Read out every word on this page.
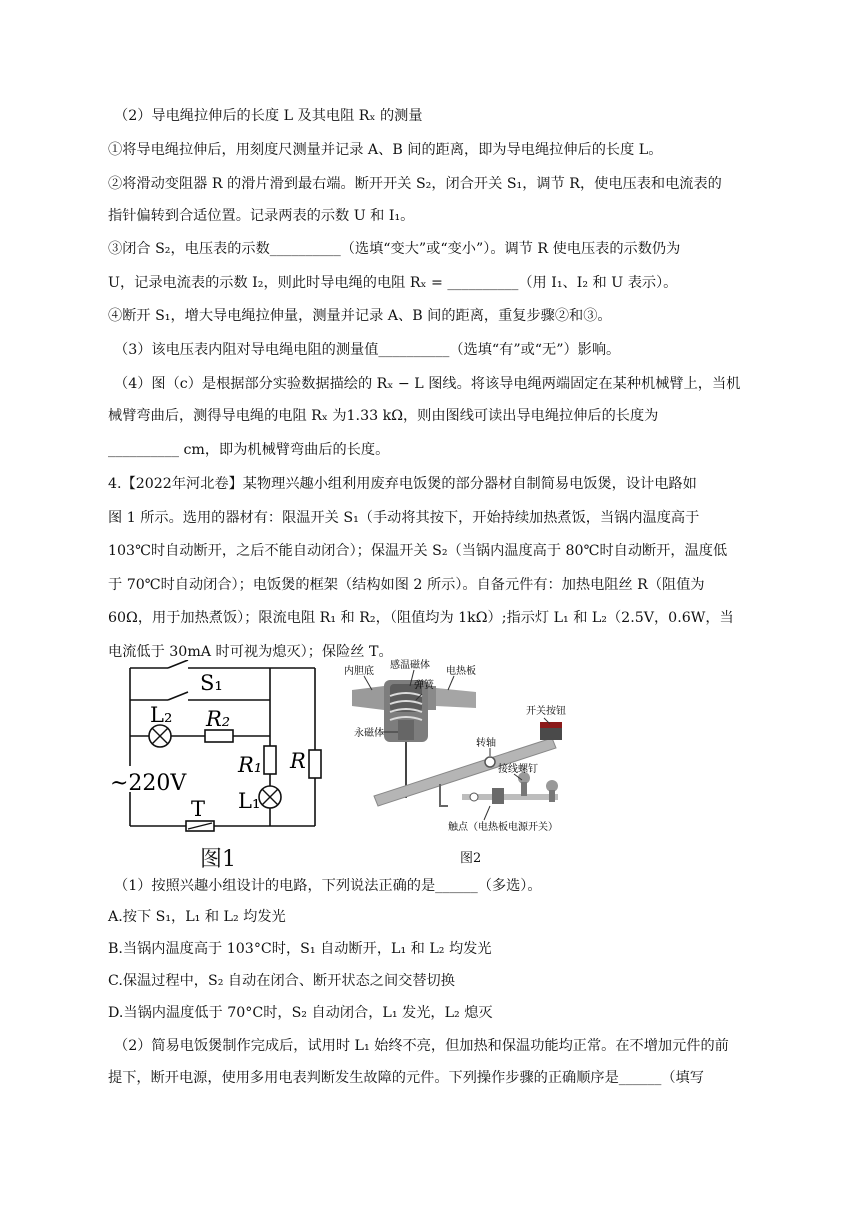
（2）导电绳拉伸后的长度 L 及其电阻 Rₓ 的测量
①将导电绳拉伸后，用刻度尺测量并记录 A、B 间的距离，即为导电绳拉伸后的长度 L。
②将滑动变阻器 R 的滑片滑到最右端。断开开关 S₂，闭合开关 S₁，调节 R，使电压表和电流表的
指针偏转到合适位置。记录两表的示数 U 和 I₁。
③闭合 S₂，电压表的示数__________（选填“变大”或“变小”）。调节 R 使电压表的示数仍为
U，记录电流表的示数 I₂，则此时导电绳的电阻 Rₓ = __________（用 I₁、I₂ 和 U 表示）。
④断开 S₁，增大导电绳拉伸量，测量并记录 A、B 间的距离，重复步骤②和③。
（3）该电压表内阻对导电绳电阻的测量值__________（选填“有”或“无”）影响。
（4）图（c）是根据部分实验数据描绘的 Rₓ − L 图线。将该导电绳两端固定在某种机械臂上，当机
械臂弯曲后，测得导电绳的电阻 Rₓ 为1.33 kΩ，则由图线可读出导电绳拉伸后的长度为
__________ cm，即为机械臂弯曲后的长度。
4.【2022年河北卷】某物理兴趣小组利用废弃电饭煲的部分器材自制简易电饭煲，设计电路如
图 1 所示。选用的器材有：限温开关 S₁（手动将其按下，开始持续加热煮饭，当锅内温度高于
103℃时自动断开，之后不能自动闭合）；保温开关 S₂（当锅内温度高于 80℃时自动断开，温度低
于 70℃时自动闭合）；电饭煲的框架（结构如图 2 所示）。自备元件有：加热电阻丝 R（阻值为
60Ω，用于加热煮饭）；限流电阻 R₁ 和 R₂，（阻值均为 1kΩ）;指示灯 L₁ 和 L₂（2.5V，0.6W，当
电流低于 30mA 时可视为熄灭）；保险丝 T。
S₁
L₂ R₂
R₁ R
L₁
T
~220V
图1
感温磁体
内胆底
弹簧
电热板
开关按钮
转轴
永磁体
接线螺钉
触点（电热板电源开关）
图2
（1）按照兴趣小组设计的电路，下列说法正确的是______（多选）。
A.按下 S₁，L₁ 和 L₂ 均发光
B.当锅内温度高于 103°C时，S₁ 自动断开，L₁ 和 L₂ 均发光
C.保温过程中，S₂ 自动在闭合、断开状态之间交替切换
D.当锅内温度低于 70°C时，S₂ 自动闭合，L₁ 发光，L₂ 熄灭
（2）简易电饭煲制作完成后，试用时 L₁ 始终不亮，但加热和保温功能均正常。在不增加元件的前
提下，断开电源，使用多用电表判断发生故障的元件。下列操作步骤的正确顺序是______（填写
